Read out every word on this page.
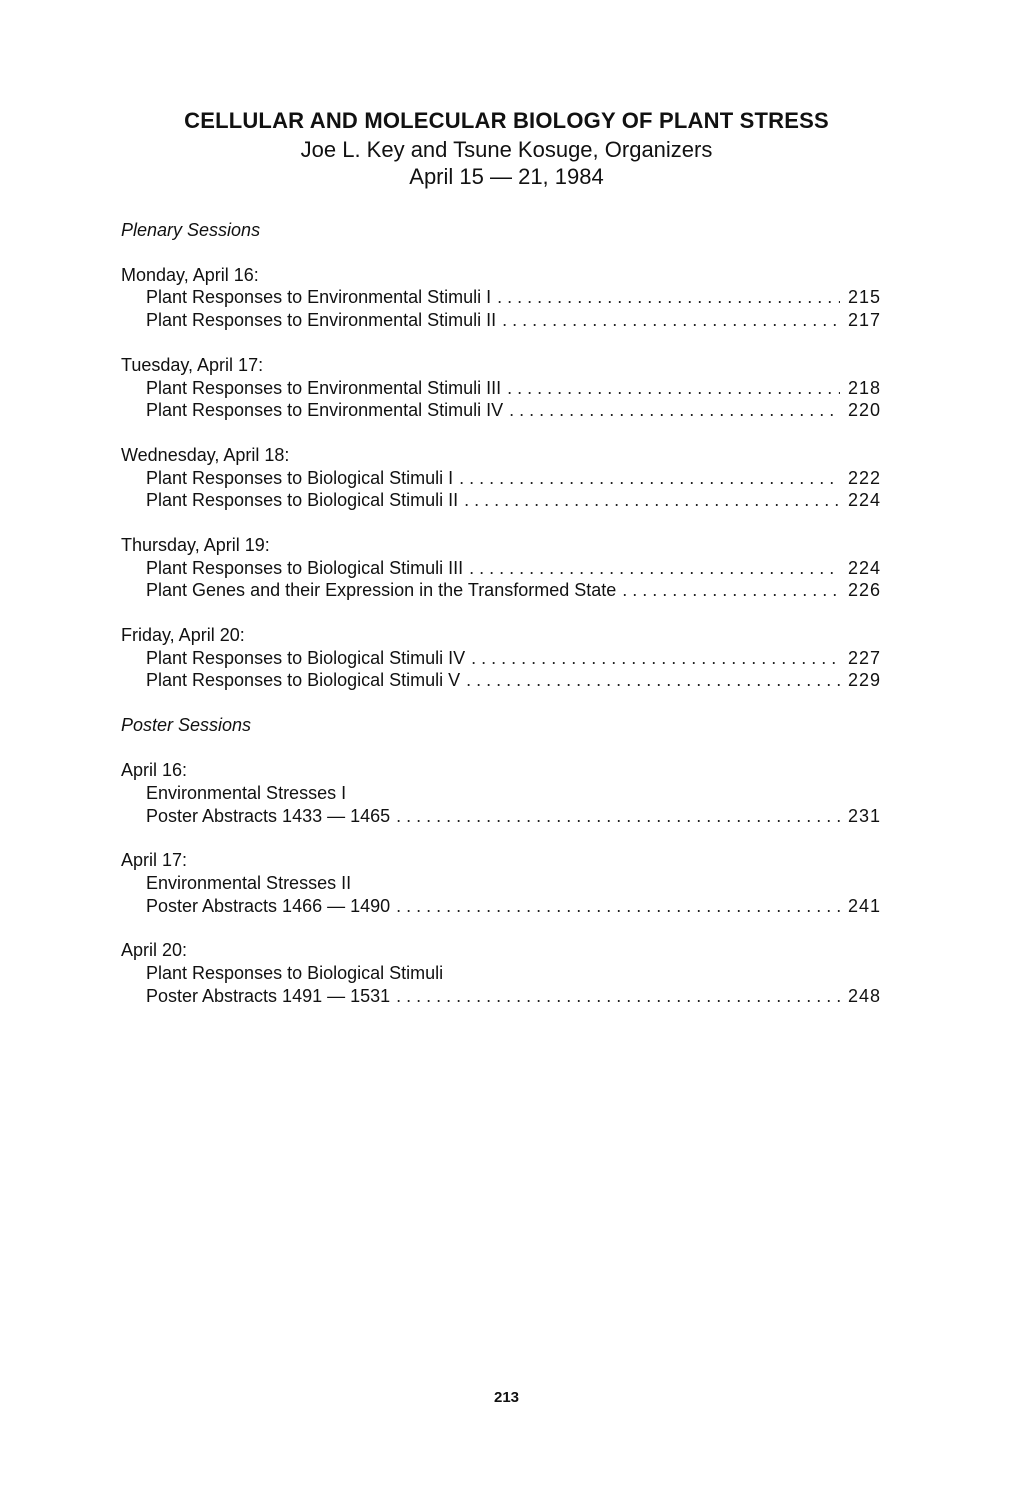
CELLULAR AND MOLECULAR BIOLOGY OF PLANT STRESS
Joe L. Key and Tsune Kosuge, Organizers
April 15 — 21, 1984
Plenary Sessions
Monday, April 16:
Plant Responses to Environmental Stimuli I . . .	215
Plant Responses to Environmental Stimuli II . . .	217
Tuesday, April 17:
Plant Responses to Environmental Stimuli III . . .	218
Plant Responses to Environmental Stimuli IV . . .	220
Wednesday, April 18:
Plant Responses to Biological Stimuli I . . .	222
Plant Responses to Biological Stimuli II . . .	224
Thursday, April 19:
Plant Responses to Biological Stimuli III . . .	224
Plant Genes and their Expression in the Transformed State . . .	226
Friday, April 20:
Plant Responses to Biological Stimuli IV . . .	227
Plant Responses to Biological Stimuli V . . .	229
Poster Sessions
April 16:
Environmental Stresses I
Poster Abstracts 1433 — 1465 . . .	231
April 17:
Environmental Stresses II
Poster Abstracts 1466 — 1490 . . .	241
April 20:
Plant Responses to Biological Stimuli
Poster Abstracts 1491 — 1531 . . .	248
213
